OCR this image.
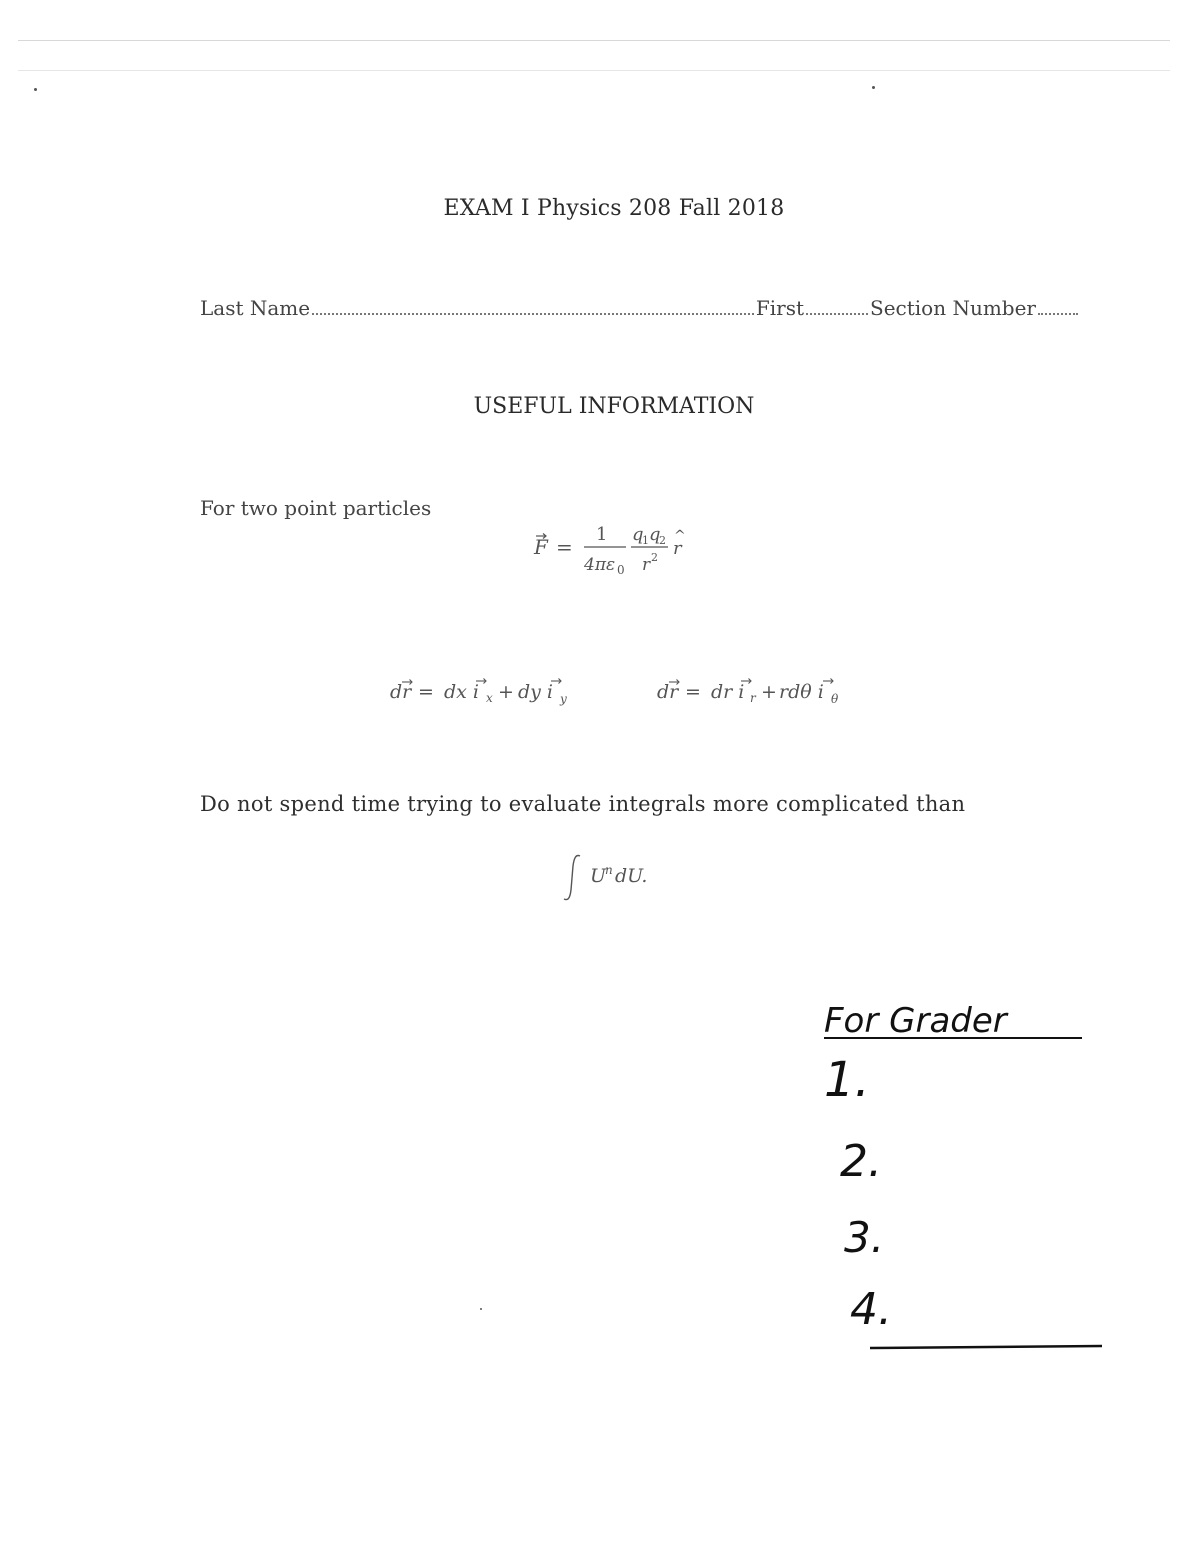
EXAM I Physics 208 Fall 2018
Last Name	First	Section Number
USEFUL INFORMATION
For two point particles
F =
1
4πε 0
q
1 q
2
r 2 r
^
dr = dx i x + dy i y	dr = dr i r + rdθ i θ
Do not spend time trying to evaluate integrals more complicated than
U
n dU.
For Grader
1.
2.
3.
4.
